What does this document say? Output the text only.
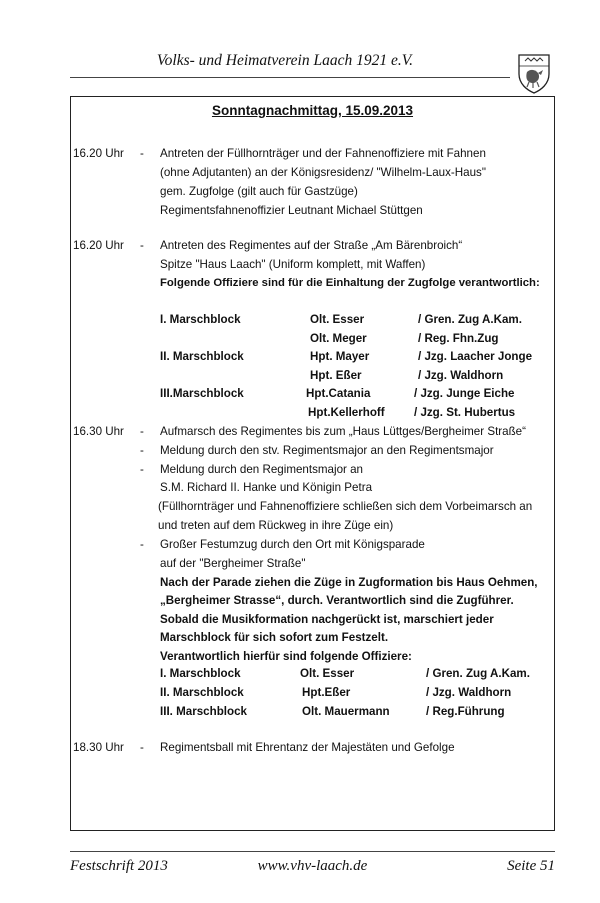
Volks- und Heimatverein Laach 1921 e.V.
Sonntagnachmittag, 15.09.2013
16.20 Uhr - Antreten der Füllhornträger und der Fahnenoffiziere mit Fahnen
(ohne Adjutanten) an der Königsresidenz/ "Wilhelm-Laux-Haus"
gem. Zugfolge (gilt auch für Gastzüge)
Regimentsfahnenoffizier Leutnant Michael Stüttgen
16.20 Uhr - Antreten des Regimentes auf der Straße „Am Bärenbroich“
Spitze "Haus Laach" (Uniform komplett, mit Waffen)
Folgende Offiziere sind für die Einhaltung der Zugfolge verantwortlich:
I. Marschblock	Olt. Esser	/ Gren. Zug A.Kam.
Olt. Meger	/ Reg. Fhn.Zug
II. Marschblock	Hpt. Mayer	/ Jzg. Laacher Jonge
Hpt. Eßer	/ Jzg. Waldhorn
III.Marschblock	Hpt.Catania	/ Jzg. Junge Eiche
Hpt.Kellerhoff	/ Jzg. St. Hubertus
16.30 Uhr - Aufmarsch des Regimentes bis zum „Haus Lüttges/Bergheimer Straße“
- Meldung durch den stv. Regimentsmajor an den Regimentsmajor
- Meldung durch den Regimentsmajor an
S.M. Richard II. Hanke und Königin Petra
(Füllhornträger und Fahnenoffiziere schließen sich dem Vorbeimarsch an
und treten auf dem Rückweg in ihre Züge ein)
- Großer Festumzug durch den Ort mit Königsparade
auf der "Bergheimer Straße"
Nach der Parade ziehen die Züge in Zugformation bis Haus Oehmen,
„Bergheimer Strasse“, durch. Verantwortlich sind die Zugführer.
Sobald die Musikformation nachgerückt ist, marschiert jeder
Marschblock für sich sofort zum Festzelt.
Verantwortlich hierfür sind folgende Offiziere:
I. Marschblock	Olt. Esser	/ Gren. Zug A.Kam.
II. Marschblock	Hpt.Eßer	/ Jzg. Waldhorn
III. Marschblock	Olt. Mauermann	/ Reg.Führung
18.30 Uhr - Regimentsball mit Ehrentanz der Majestäten und Gefolge
Festschrift 2013	www.vhv-laach.de	Seite 51
